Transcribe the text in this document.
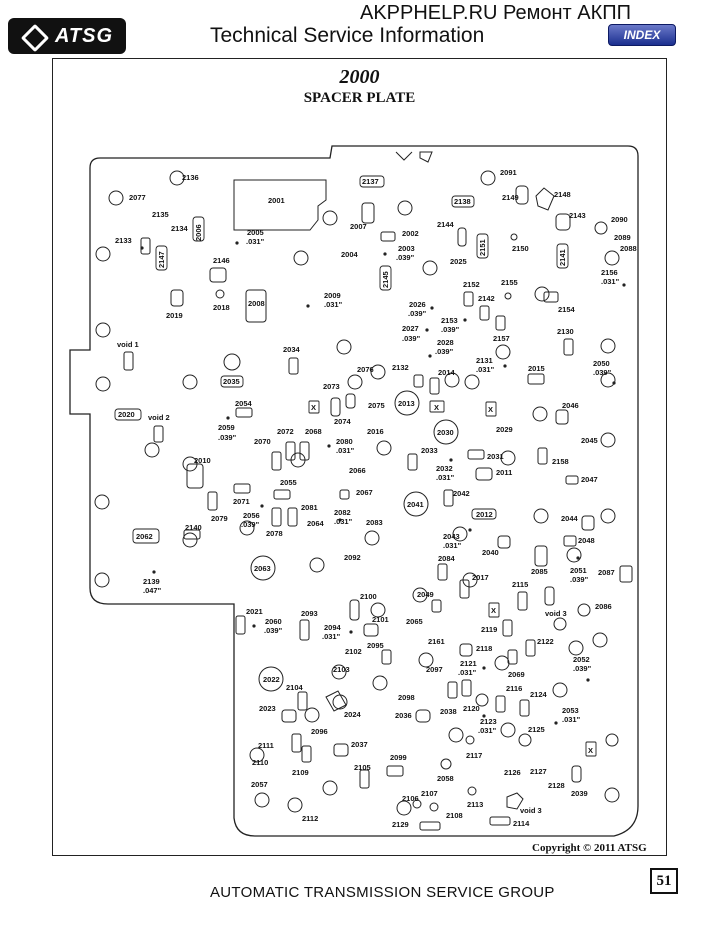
ATSG
AKPPHELP.RU Ремонт АКПП
Technical Service Information	INDEX
2000
SPACER PLATE
2001
2136
2077
2135
2134 2006
2133
2147
2005
.031"
2137
2007
2002
2003
.039"
2004
2146
2018
2019
2008
2009
.031"
2145
2138
2091
2149	2148
2143	2090
2089
2088
2144
2151	2150
2141
2025
2156
.031"
2152	2155
2142
2154
2026
.039"
2153
.039"
2157
2027
.039" 2028
.039"
2130
void 1
2034
2035
2076
2073
2132
2014
2131
.031"	2015
2050
.039"
2020 void 2
2054
2074
2075 2013
X	X	X
2016
2046
2059
.039"
2072 2068
2080
.031"
2030	2029
2045
2070
2033
2031
2158
2010
2066	2032
.031"
2011
2047
2055
2071
2067	2042
2041
2056
.039"
2081
2082
.031" 2083
2012
2079
2078
2064
2044
2140
2062	2043
.031"
2048
2040
2092
2063
2084
2085	2051
.039"
2087
2139
.047"
2017
2115
2100	2049
void 3
2086
2021
2060
.039"
2093
2094
.031"
2101 2065
X
2119
2122
2161
2118
2095
2102
2103	2097
2121
.031"	2069
2052
.039"
2022
2104
2098
2116
2124
2023
2024	2036	2038 2120
2123
.031"
2053
.031"
2096	2125
2111	2037
2117
X
2110
2109
2099
2105
2126 2127
2057
2058
2128
2039
2107
2106
2113
void 3
2108
2112
2129	2114
Copyright © 2011 ATSG
51
AUTOMATIC TRANSMISSION SERVICE GROUP
